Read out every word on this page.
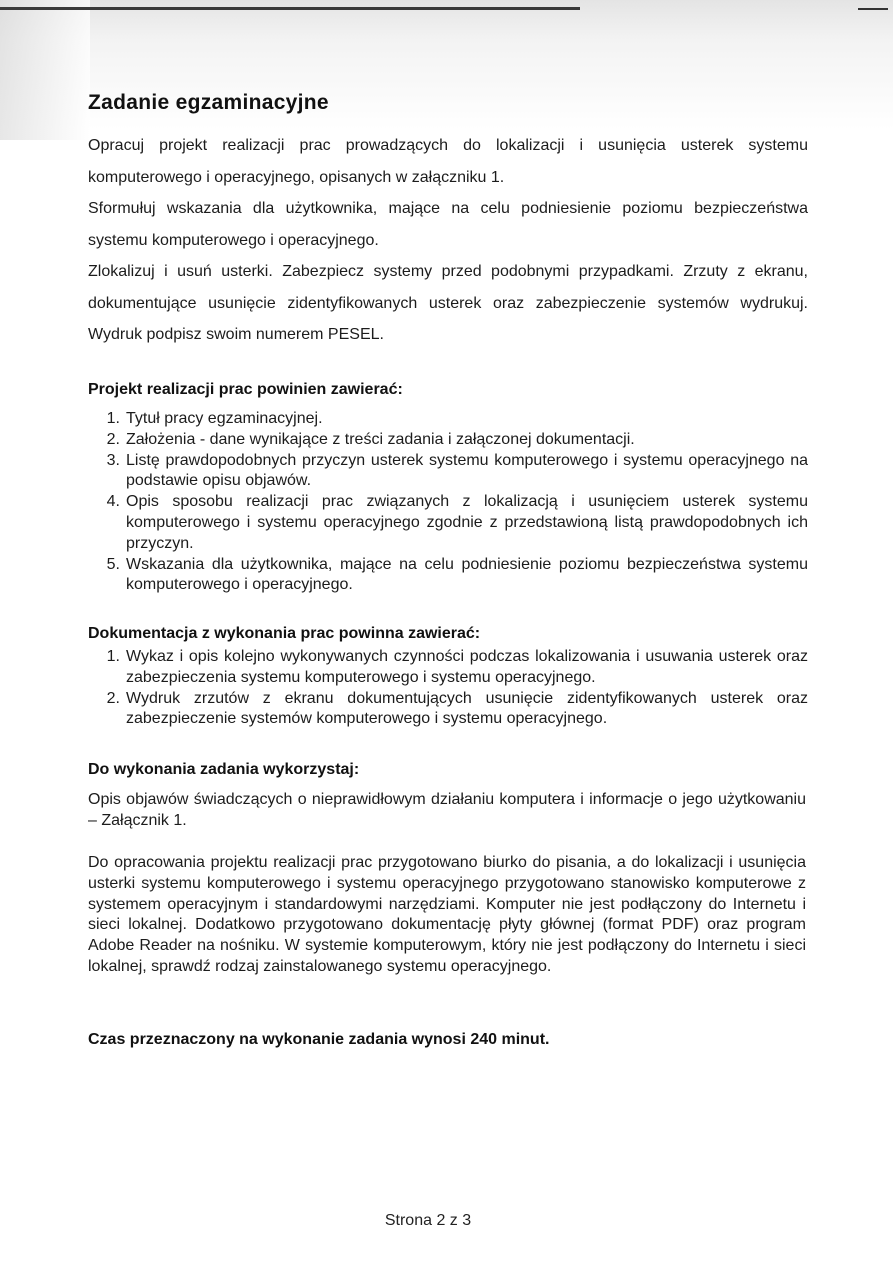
Zadanie egzaminacyjne

Opracuj projekt realizacji prac prowadzących do lokalizacji i usunięcia usterek systemu komputerowego i operacyjnego, opisanych w załączniku 1.

Sformułuj wskazania dla użytkownika, mające na celu podniesienie poziomu bezpieczeństwa systemu komputerowego i operacyjnego.

Zlokalizuj i usuń usterki. Zabezpiecz systemy przed podobnymi przypadkami. Zrzuty z ekranu, dokumentujące usunięcie zidentyfikowanych usterek oraz zabezpieczenie systemów wydrukuj. Wydruk podpisz swoim numerem PESEL.

Projekt realizacji prac powinien zawierać:
1. Tytuł pracy egzaminacyjnej.
2. Założenia - dane wynikające z treści zadania i załączonej dokumentacji.
3. Listę prawdopodobnych przyczyn usterek systemu komputerowego i systemu operacyjnego na podstawie opisu objawów.
4. Opis sposobu realizacji prac związanych z lokalizacją i usunięciem usterek systemu komputerowego i systemu operacyjnego zgodnie z przedstawioną listą prawdopodobnych ich przyczyn.
5. Wskazania dla użytkownika, mające na celu podniesienie poziomu bezpieczeństwa systemu komputerowego i operacyjnego.
Dokumentacja z wykonania prac powinna zawierać:
1. Wykaz i opis kolejno wykonywanych czynności podczas lokalizowania i usuwania usterek oraz zabezpieczenia systemu komputerowego i systemu operacyjnego.
2. Wydruk zrzutów z ekranu dokumentujących usunięcie zidentyfikowanych usterek oraz zabezpieczenie systemów komputerowego i systemu operacyjnego.
Do wykonania zadania wykorzystaj:

Opis objawów świadczących o nieprawidłowym działaniu komputera i informacje o jego użytkowaniu – Załącznik 1.

Do opracowania projektu realizacji prac przygotowano biurko do pisania, a do lokalizacji i usunięcia usterki systemu komputerowego i systemu operacyjnego przygotowano stanowisko komputerowe z systemem operacyjnym i standardowymi narzędziami. Komputer nie jest podłączony do Internetu i sieci lokalnej. Dodatkowo przygotowano dokumentację płyty głównej (format PDF) oraz program Adobe Reader na nośniku. W systemie komputerowym, który nie jest podłączony do Internetu i sieci lokalnej, sprawdź rodzaj zainstalowanego systemu operacyjnego.

Czas przeznaczony na wykonanie zadania wynosi 240 minut.

Strona 2 z 3
